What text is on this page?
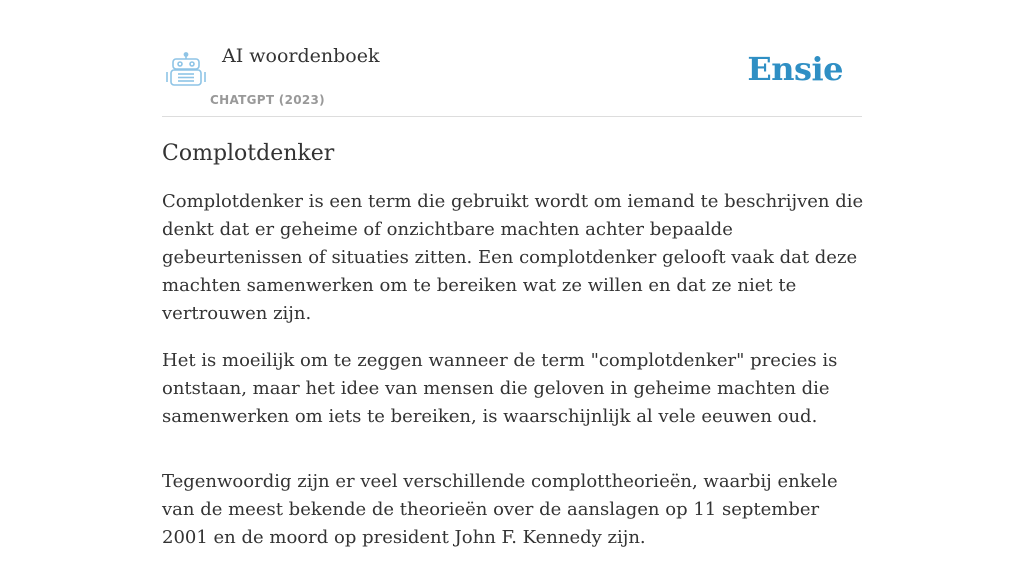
AI woordenboek
CHATGPT (2023)
Ensie
Complotdenker

Complotdenker is een term die gebruikt wordt om iemand te beschrijven die denkt dat er geheime of onzichtbare machten achter bepaalde gebeurtenissen of situaties zitten. Een complotdenker gelooft vaak dat deze machten samenwerken om te bereiken wat ze willen en dat ze niet te vertrouwen zijn.

Het is moeilijk om te zeggen wanneer de term "complotdenker" precies is ontstaan, maar het idee van mensen die geloven in geheime machten die samenwerken om iets te bereiken, is waarschijnlijk al vele eeuwen oud.

Tegenwoordig zijn er veel verschillende complottheorieën, waarbij enkele van de meest bekende de theorieën over de aanslagen op 11 september 2001 en de moord op president John F. Kennedy zijn.
